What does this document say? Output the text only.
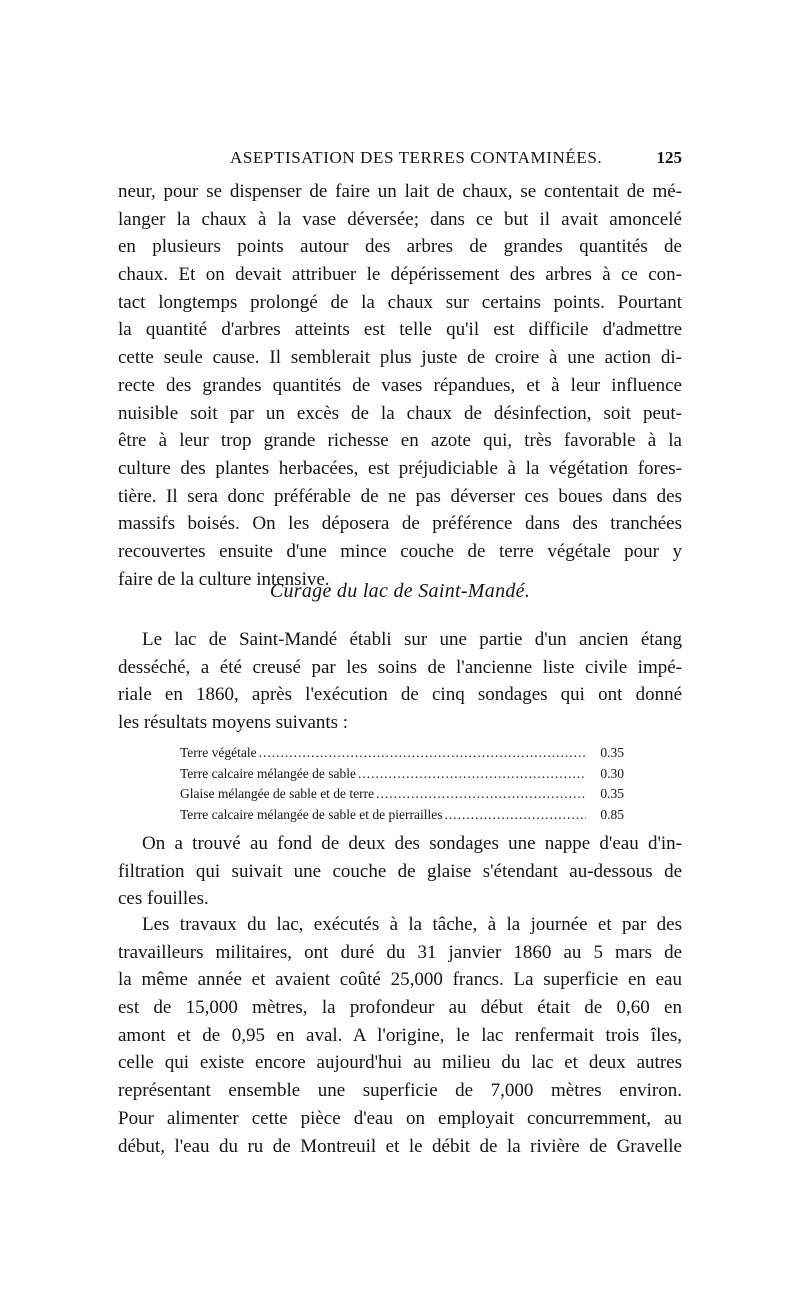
ASEPTISATION DES TERRES CONTAMINÉES.	125
neur, pour se dispenser de faire un lait de chaux, se contentait de mé-
langer la chaux à la vase déversée; dans ce but il avait amoncelé
en plusieurs points autour des arbres de grandes quantités de
chaux. Et on devait attribuer le dépérissement des arbres à ce con-
tact longtemps prolongé de la chaux sur certains points. Pourtant
la quantité d'arbres atteints est telle qu'il est difficile d'admettre
cette seule cause. Il semblerait plus juste de croire à une action di-
recte des grandes quantités de vases répandues, et à leur influence
nuisible soit par un excès de la chaux de désinfection, soit peut-
être à leur trop grande richesse en azote qui, très favorable à la
culture des plantes herbacées, est préjudiciable à la végétation fores-
tière. Il sera donc préférable de ne pas déverser ces boues dans des
massifs boisés. On les déposera de préférence dans des tranchées
recouvertes ensuite d'une mince couche de terre végétale pour y
faire de la culture intensive.
Curage du lac de Saint-Mandé.
Le lac de Saint-Mandé établi sur une partie d'un ancien étang
desséché, a été creusé par les soins de l'ancienne liste civile impé-
riale en 1860, après l'exécution de cinq sondages qui ont donné
les résultats moyens suivants :
Terre végétale .....	0.35
Terre calcaire mélangée de sable .....	0.30
Glaise mélangée de sable et de terre .....	0.35
Terre calcaire mélangée de sable et de pierrailles .....	0.85
On a trouvé au fond de deux des sondages une nappe d'eau d'in-
filtration qui suivait une couche de glaise s'étendant au-dessous de
ces fouilles.
Les travaux du lac, exécutés à la tâche, à la journée et par des
travailleurs militaires, ont duré du 31 janvier 1860 au 5 mars de
la même année et avaient coûté 25,000 francs. La superficie en eau
est de 15,000 mètres, la profondeur au début était de 0,60 en
amont et de 0,95 en aval. A l'origine, le lac renfermait trois îles,
celle qui existe encore aujourd'hui au milieu du lac et deux autres
représentant ensemble une superficie de 7,000 mètres environ.
Pour alimenter cette pièce d'eau on employait concurremment, au
début, l'eau du ru de Montreuil et le débit de la rivière de Gravelle
